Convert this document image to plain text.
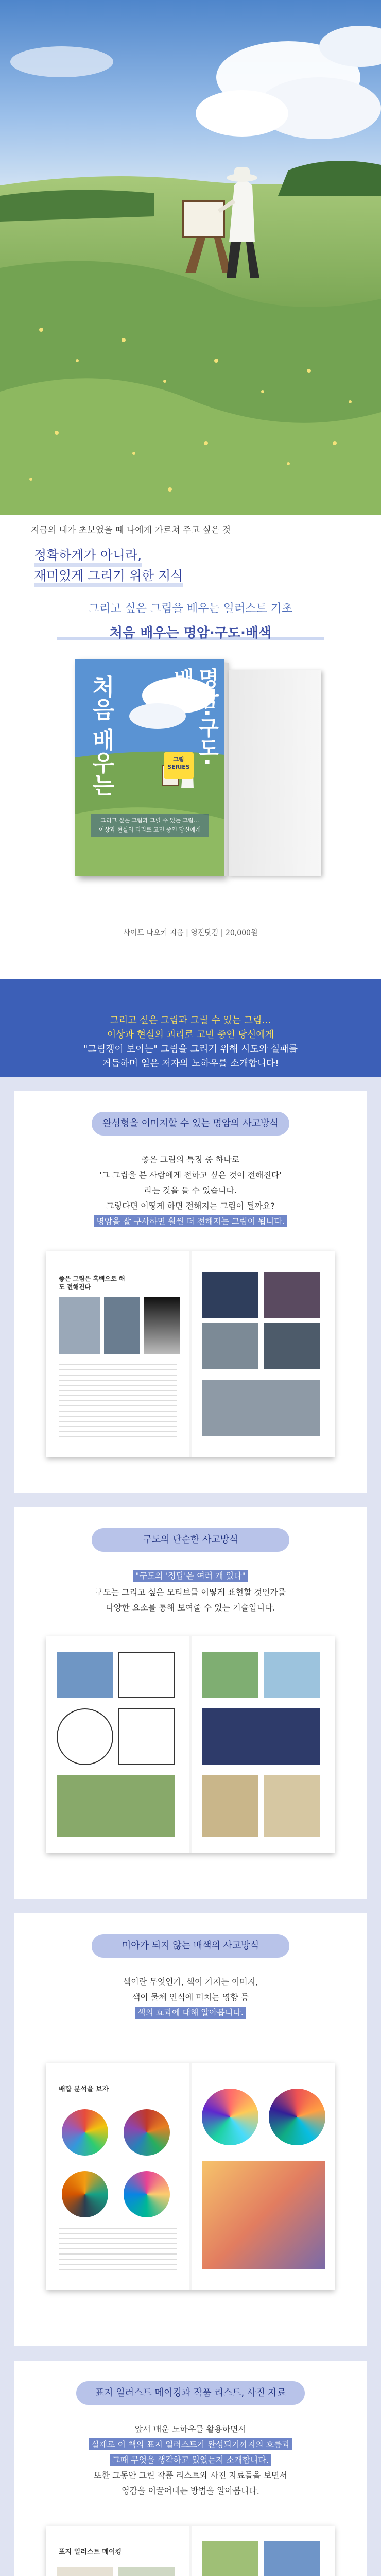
지금의 내가 초보였을 때 나에게 가르쳐 주고 싶은 것
정확하게가 아니라,
재미있게 그리기 위한 지식
그리고 싶은 그림을 배우는 일러스트 기초
처음 배우는 명암·구도·배색
처음 배우는	명암·구도·배색
그림 SERIES
그리고 싶은 그림과 그릴 수 있는 그림…
이상과 현실의 괴리로 고민 중인 당신에게
사이토 나오키 지음 | 영진닷컴 | 20,000원
그리고 싶은 그림과 그릴 수 있는 그림…
이상과 현실의 괴리로 고민 중인 당신에게
"그림쟁이 보이는" 그림을 그리기 위해 시도와 실패를
거듭하며 얻은 저자의 노하우를 소개합니다!
완성형을 이미지할 수 있는 명암의 사고방식
좋은 그림의 특징 중 하나로
'그 그림을 본 사람에게 전하고 싶은 것이 전해진다'
라는 것을 들 수 있습니다.
그렇다면 어떻게 하면 전해지는 그림이 될까요?
명암을 잘 구사하면 훨씬 더 전해지는 그림이 됩니다.
좋은 그림은 흑백으로 해도 전해진다
구도의 단순한 사고방식
"구도의 '정답'은 여러 개 있다"
구도는 그리고 싶은 모티브를 어떻게 표현할 것인가를
다양한 요소를 통해 보여줄 수 있는 기술입니다.
미아가 되지 않는 배색의 사고방식
색이란 무엇인가, 색이 가지는 이미지,
색이 물체 인식에 미치는 영향 등
색의 효과에 대해 알아봅니다.
배합 분석을 보자
표지 일러스트 메이킹과 작품 리스트, 사진 자료
앞서 배운 노하우를 활용하면서
실제로 이 책의 표지 일러스트가 완성되기까지의 흐름과
그때 무엇을 생각하고 있었는지 소개합니다.
또한 그동안 그린 작품 리스트와 사진 자료들을 보면서
영감을 이끌어내는 방법을 알아봅니다.
표지 일러스트 메이킹
